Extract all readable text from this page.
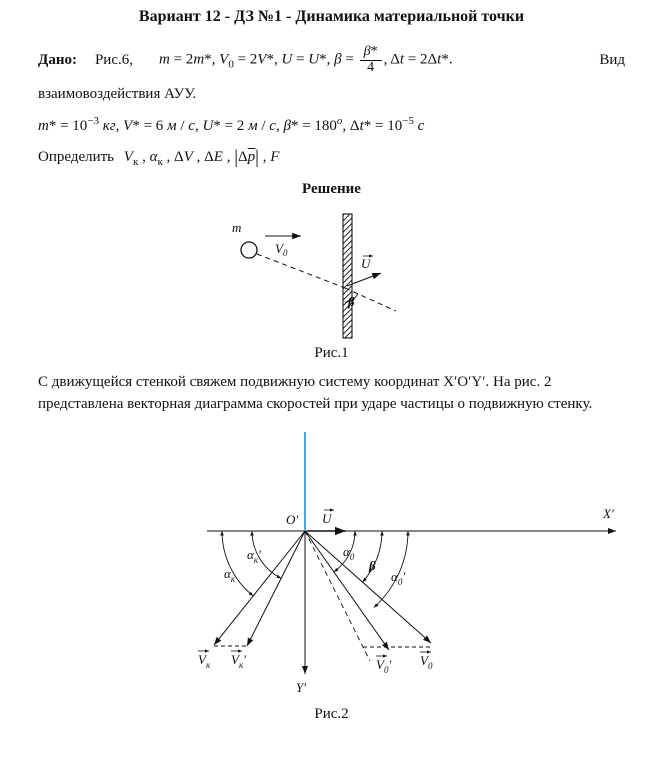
Вариант 12 - ДЗ №1 - Динамика материальной точки
Дано: Рис.6, m = 2m*, $V_0 = 2V*$, U = U*, $\beta = \frac{\beta*}{4}$ , Δt = 2Δt*.	Вид

взаимовоздействия АУУ.

$m* = 10^{-3}$ кг, V* = 6 м / с, U* = 2 м / с, $\beta* = 180^o$, $\Delta t* = 10^{-5}$ с

Определить $V_к$ , $\alpha_к$ , ΔV , ΔE , $|\Delta\overline{p}|$ , F

Решение
m
$V_0$
U
β
Рис.1

С движущейся стенкой свяжем подвижную систему координат X′O′Y′. На рис. 2 представлена векторная диаграмма скоростей при ударе частицы о подвижную стенку.

X′
Y′
O′ U
$\alpha_к$
$\alpha_к'$	$\alpha_0$
β
$\alpha_0'$
$V_к$ $V_к'$	$V_0'$ $V_0$
Рис.2
